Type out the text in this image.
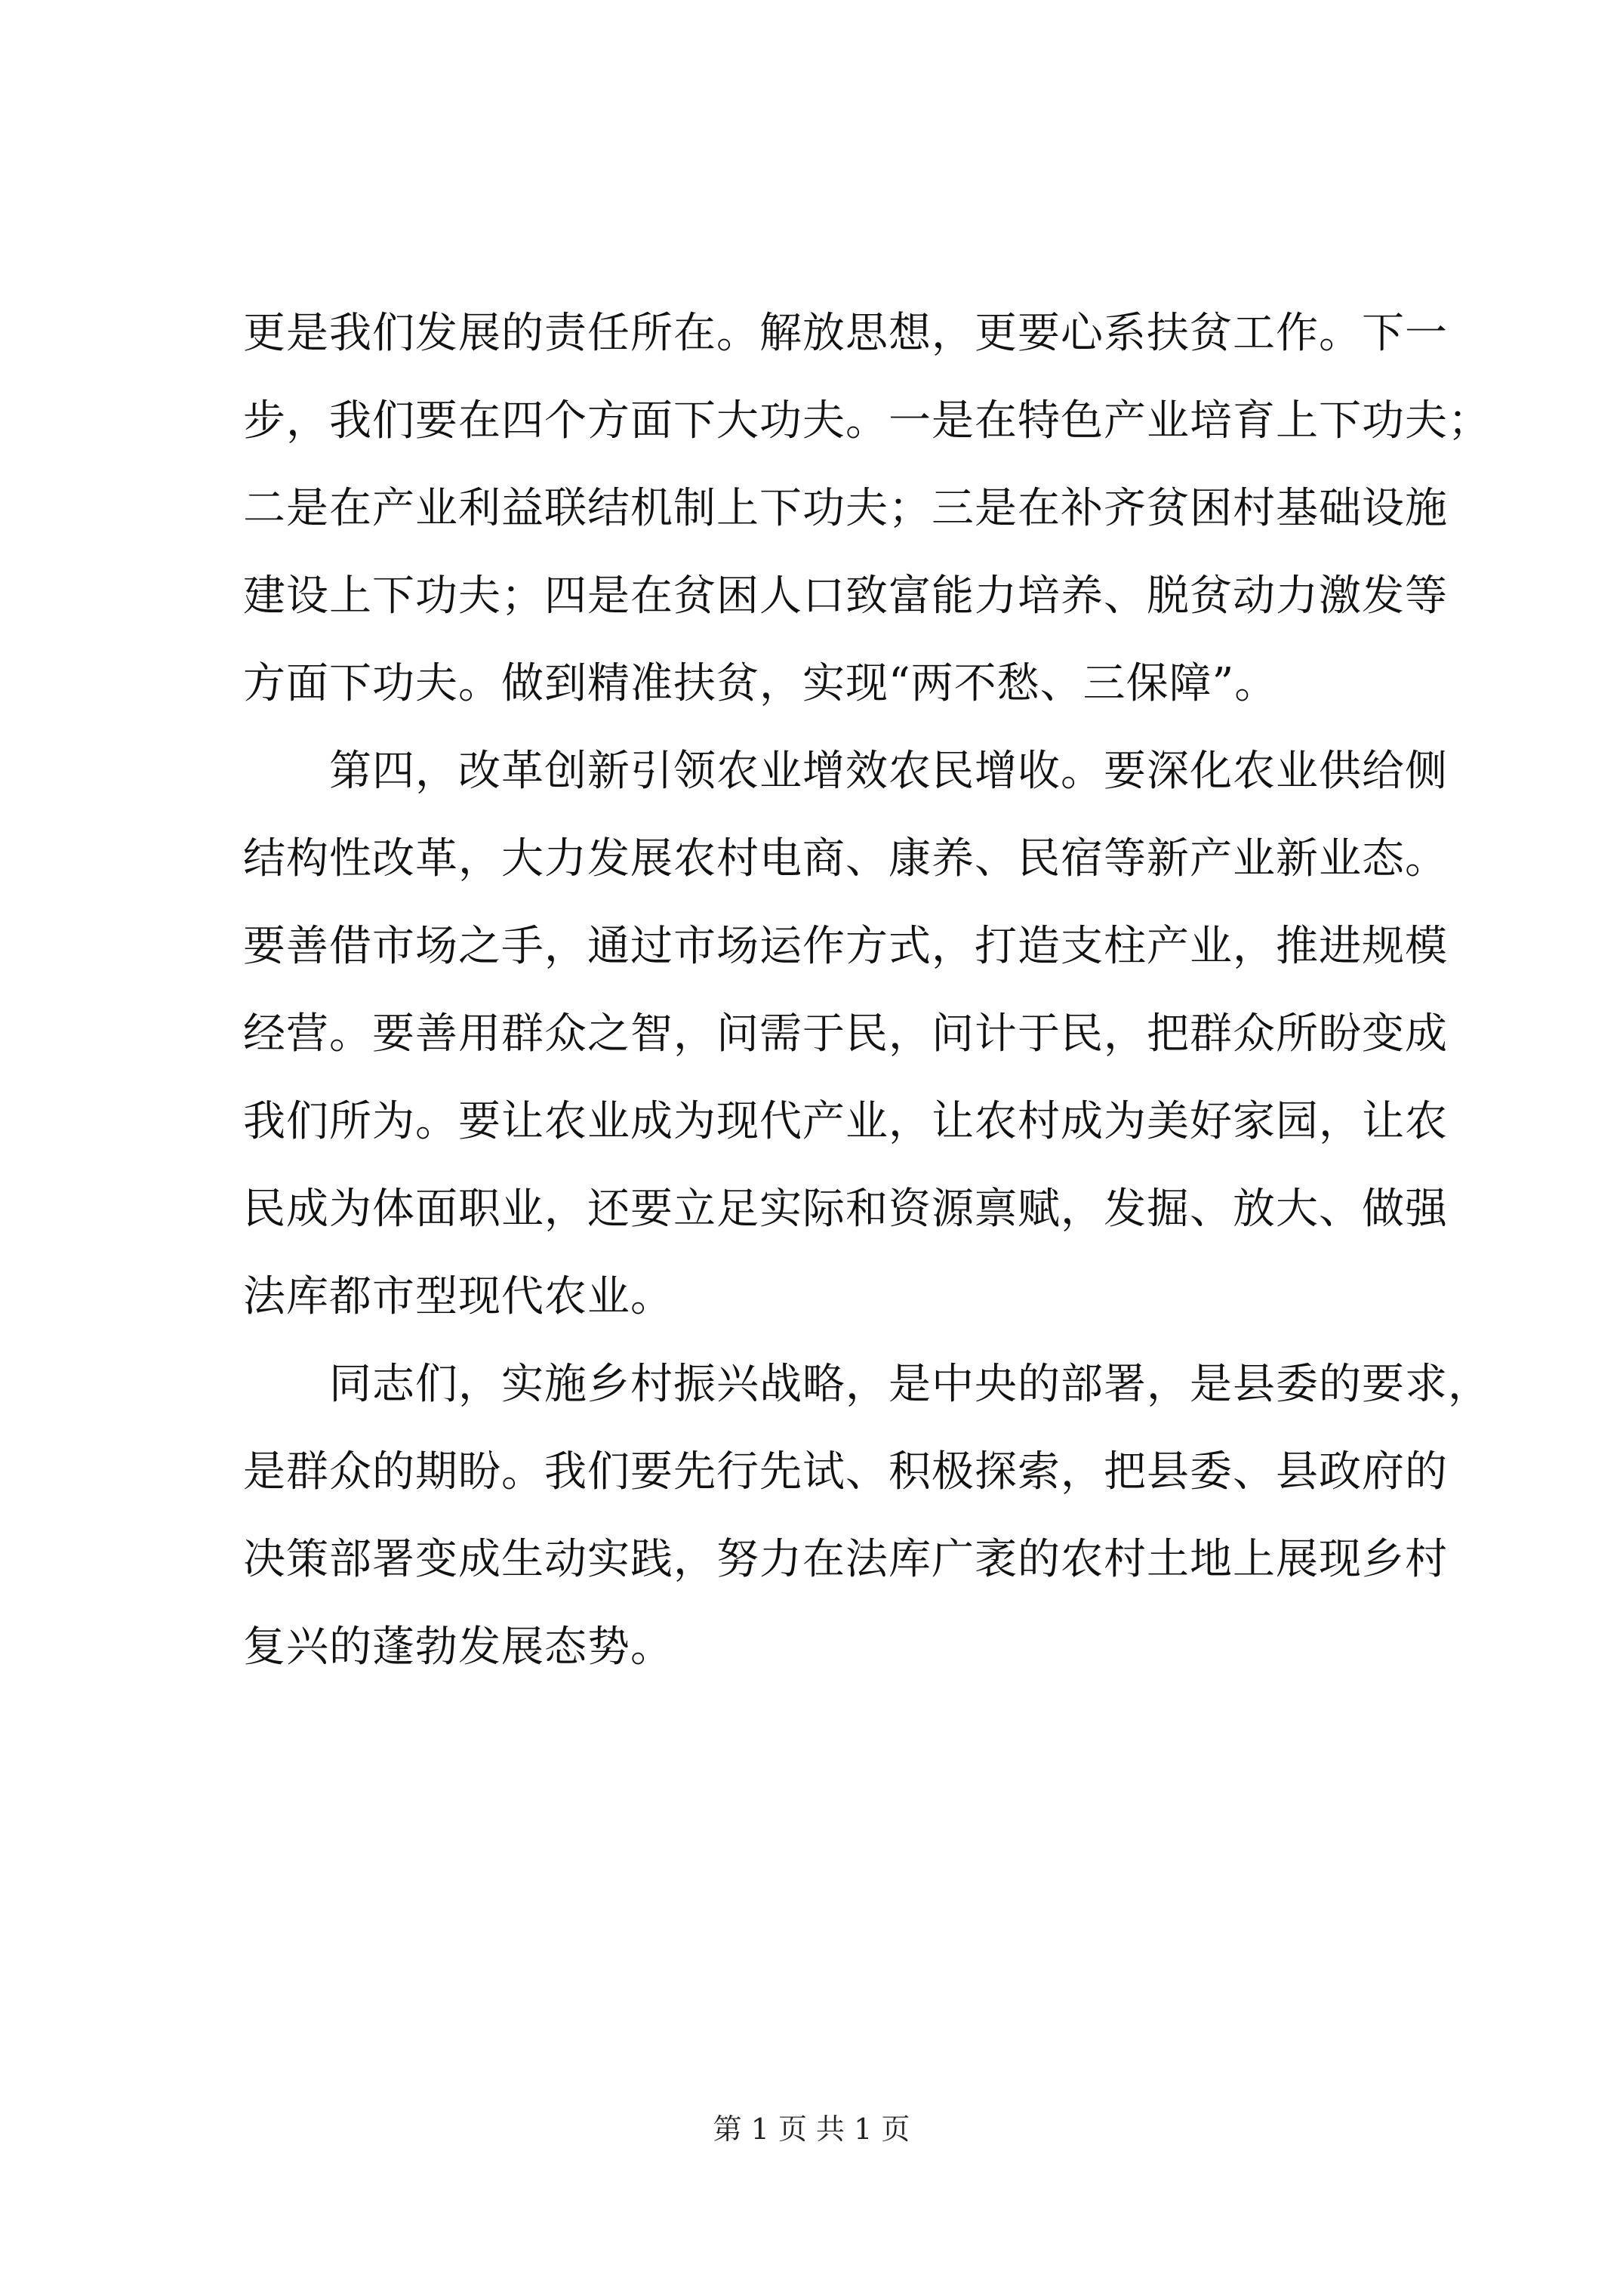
更是我们发展的责任所在。解放思想，更要心系扶贫工作。下一
步，我们要在四个方面下大功夫。一是在特色产业培育上下功夫；
二是在产业利益联结机制上下功夫；三是在补齐贫困村基础设施
建设上下功夫；四是在贫困人口致富能力培养、脱贫动力激发等
方面下功夫。做到精准扶贫，实现“两不愁、三保障”。
　　第四，改革创新引领农业增效农民增收。要深化农业供给侧
结构性改革，大力发展农村电商、康养、民宿等新产业新业态。
要善借市场之手，通过市场运作方式，打造支柱产业，推进规模
经营。要善用群众之智，问需于民，问计于民，把群众所盼变成
我们所为。要让农业成为现代产业，让农村成为美好家园，让农
民成为体面职业，还要立足实际和资源禀赋，发掘、放大、做强
法库都市型现代农业。
　　同志们，实施乡村振兴战略，是中央的部署，是县委的要求，
是群众的期盼。我们要先行先试、积极探索，把县委、县政府的
决策部署变成生动实践，努力在法库广袤的农村土地上展现乡村
复兴的蓬勃发展态势。
第 1 页 共 1 页
